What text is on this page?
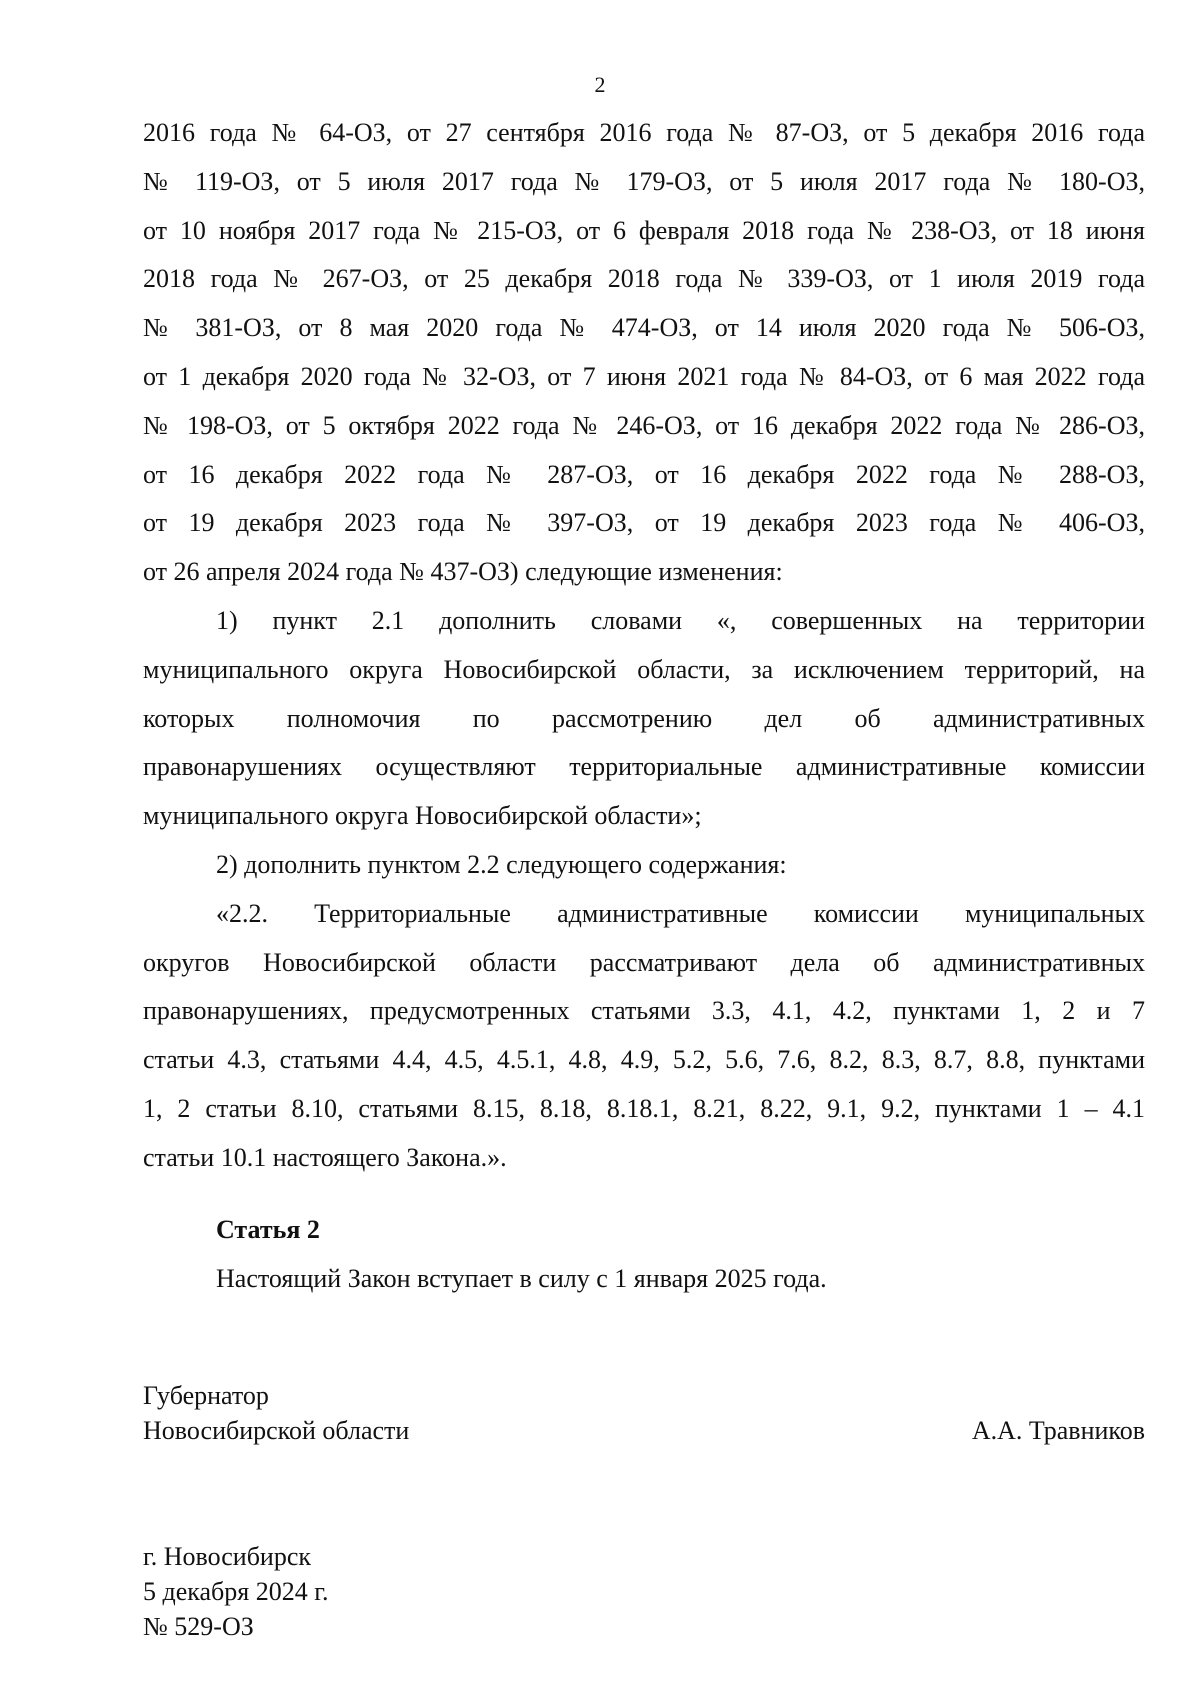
2
2016 года № 64-ОЗ, от 27 сентября 2016 года № 87-ОЗ, от 5 декабря 2016 года
№ 119-ОЗ, от 5 июля 2017 года № 179-ОЗ, от 5 июля 2017 года № 180-ОЗ,
от 10 ноября 2017 года № 215-ОЗ, от 6 февраля 2018 года № 238-ОЗ, от 18 июня
2018 года № 267-ОЗ, от 25 декабря 2018 года № 339-ОЗ, от 1 июля 2019 года
№ 381-ОЗ, от 8 мая 2020 года № 474-ОЗ, от 14 июля 2020 года № 506-ОЗ,
от 1 декабря 2020 года № 32-ОЗ, от 7 июня 2021 года № 84-ОЗ, от 6 мая 2022 года
№ 198-ОЗ, от 5 октября 2022 года № 246-ОЗ, от 16 декабря 2022 года № 286-ОЗ,
от 16 декабря 2022 года № 287-ОЗ, от 16 декабря 2022 года № 288-ОЗ,
от 19 декабря 2023 года № 397-ОЗ, от 19 декабря 2023 года № 406-ОЗ,
от 26 апреля 2024 года № 437-ОЗ) следующие изменения:
1) пункт 2.1 дополнить словами «, совершенных на территории
муниципального округа Новосибирской области, за исключением территорий, на
которых полномочия по рассмотрению дел об административных
правонарушениях осуществляют территориальные административные комиссии
муниципального округа Новосибирской области»;
2) дополнить пунктом 2.2 следующего содержания:
«2.2. Территориальные административные комиссии муниципальных
округов Новосибирской области рассматривают дела об административных
правонарушениях, предусмотренных статьями 3.3, 4.1, 4.2, пунктами 1, 2 и 7
статьи 4.3, статьями 4.4, 4.5, 4.5.1, 4.8, 4.9, 5.2, 5.6, 7.6, 8.2, 8.3, 8.7, 8.8, пунктами
1, 2 статьи 8.10, статьями 8.15, 8.18, 8.18.1, 8.21, 8.22, 9.1, 9.2, пунктами 1 – 4.1
статьи 10.1 настоящего Закона.».
Статья 2
Настоящий Закон вступает в силу с 1 января 2025 года.
Губернатор
Новосибирской области	А.А. Травников
г. Новосибирск
5 декабря 2024 г.
№ 529-ОЗ
